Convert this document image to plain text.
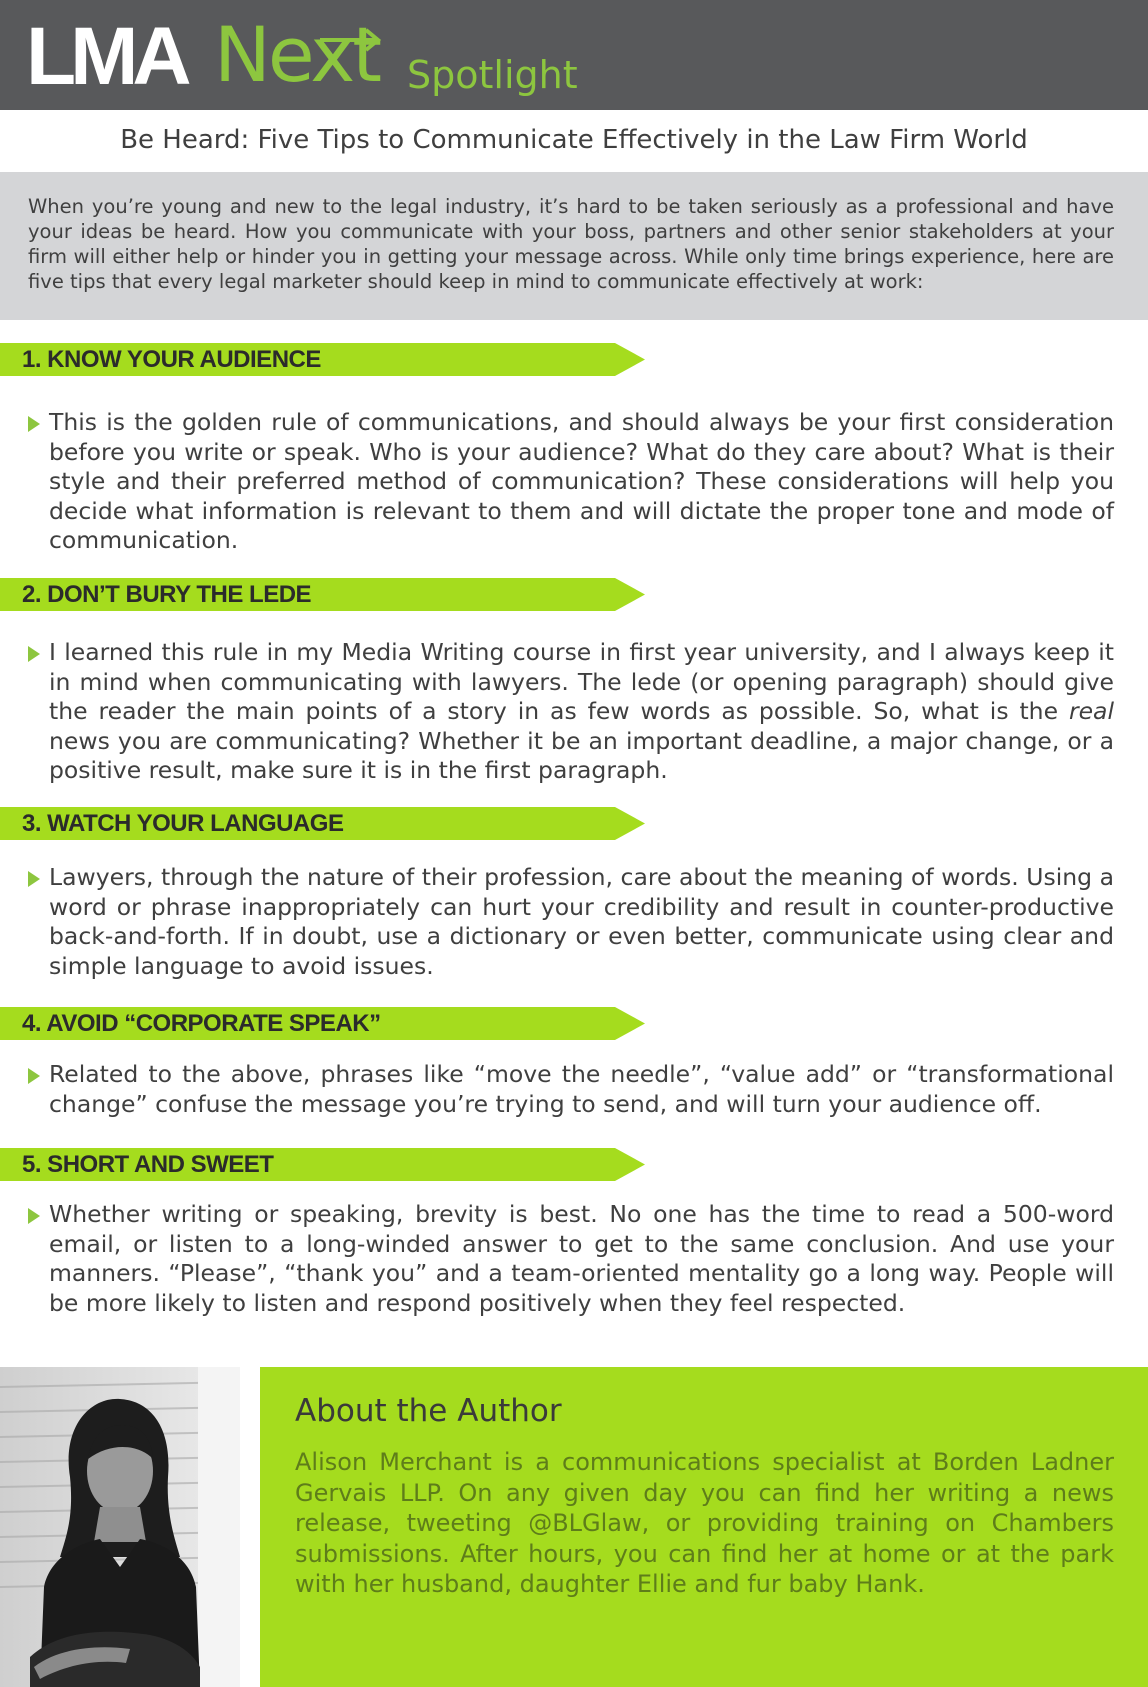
LMA Next Spotlight
Be Heard: Five Tips to Communicate Effectively in the Law Firm World
When you’re young and new to the legal industry, it’s hard to be taken seriously as a professional and have your ideas be heard. How you communicate with your boss, partners and other senior stakeholders at your firm will either help or hinder you in getting your message across. While only time brings experience, here are five tips that every legal marketer should keep in mind to communicate effectively at work:
1. KNOW YOUR AUDIENCE
This is the golden rule of communications, and should always be your first consideration before you write or speak. Who is your audience? What do they care about? What is their style and their preferred method of communication? These considerations will help you decide what information is relevant to them and will dictate the proper tone and mode of communication.
2. DON’T BURY THE LEDE
I learned this rule in my Media Writing course in first year university, and I always keep it in mind when communicating with lawyers. The lede (or opening paragraph) should give the reader the main points of a story in as few words as possible. So, what is the real news you are communicating? Whether it be an important deadline, a major change, or a positive result, make sure it is in the first paragraph.
3. WATCH YOUR LANGUAGE
Lawyers, through the nature of their profession, care about the meaning of words. Using a word or phrase inappropriately can hurt your credibility and result in counter-productive back-and-forth. If in doubt, use a dictionary or even better, communicate using clear and simple language to avoid issues.
4. AVOID “CORPORATE SPEAK”
Related to the above, phrases like “move the needle”, “value add” or “transformational change” confuse the message you’re trying to send, and will turn your audience off.
5. SHORT AND SWEET
Whether writing or speaking, brevity is best. No one has the time to read a 500-word email, or listen to a long-winded answer to get to the same conclusion. And use your manners. “Please”, “thank you” and a team-oriented mentality go a long way. People will be more likely to listen and respond positively when they feel respected.
About the Author
Alison Merchant is a communications specialist at Borden Ladner Gervais LLP. On any given day you can find her writing a news release, tweeting @BLGlaw, or providing training on Chambers submissions. After hours, you can find her at home or at the park with her husband, daughter Ellie and fur baby Hank.
